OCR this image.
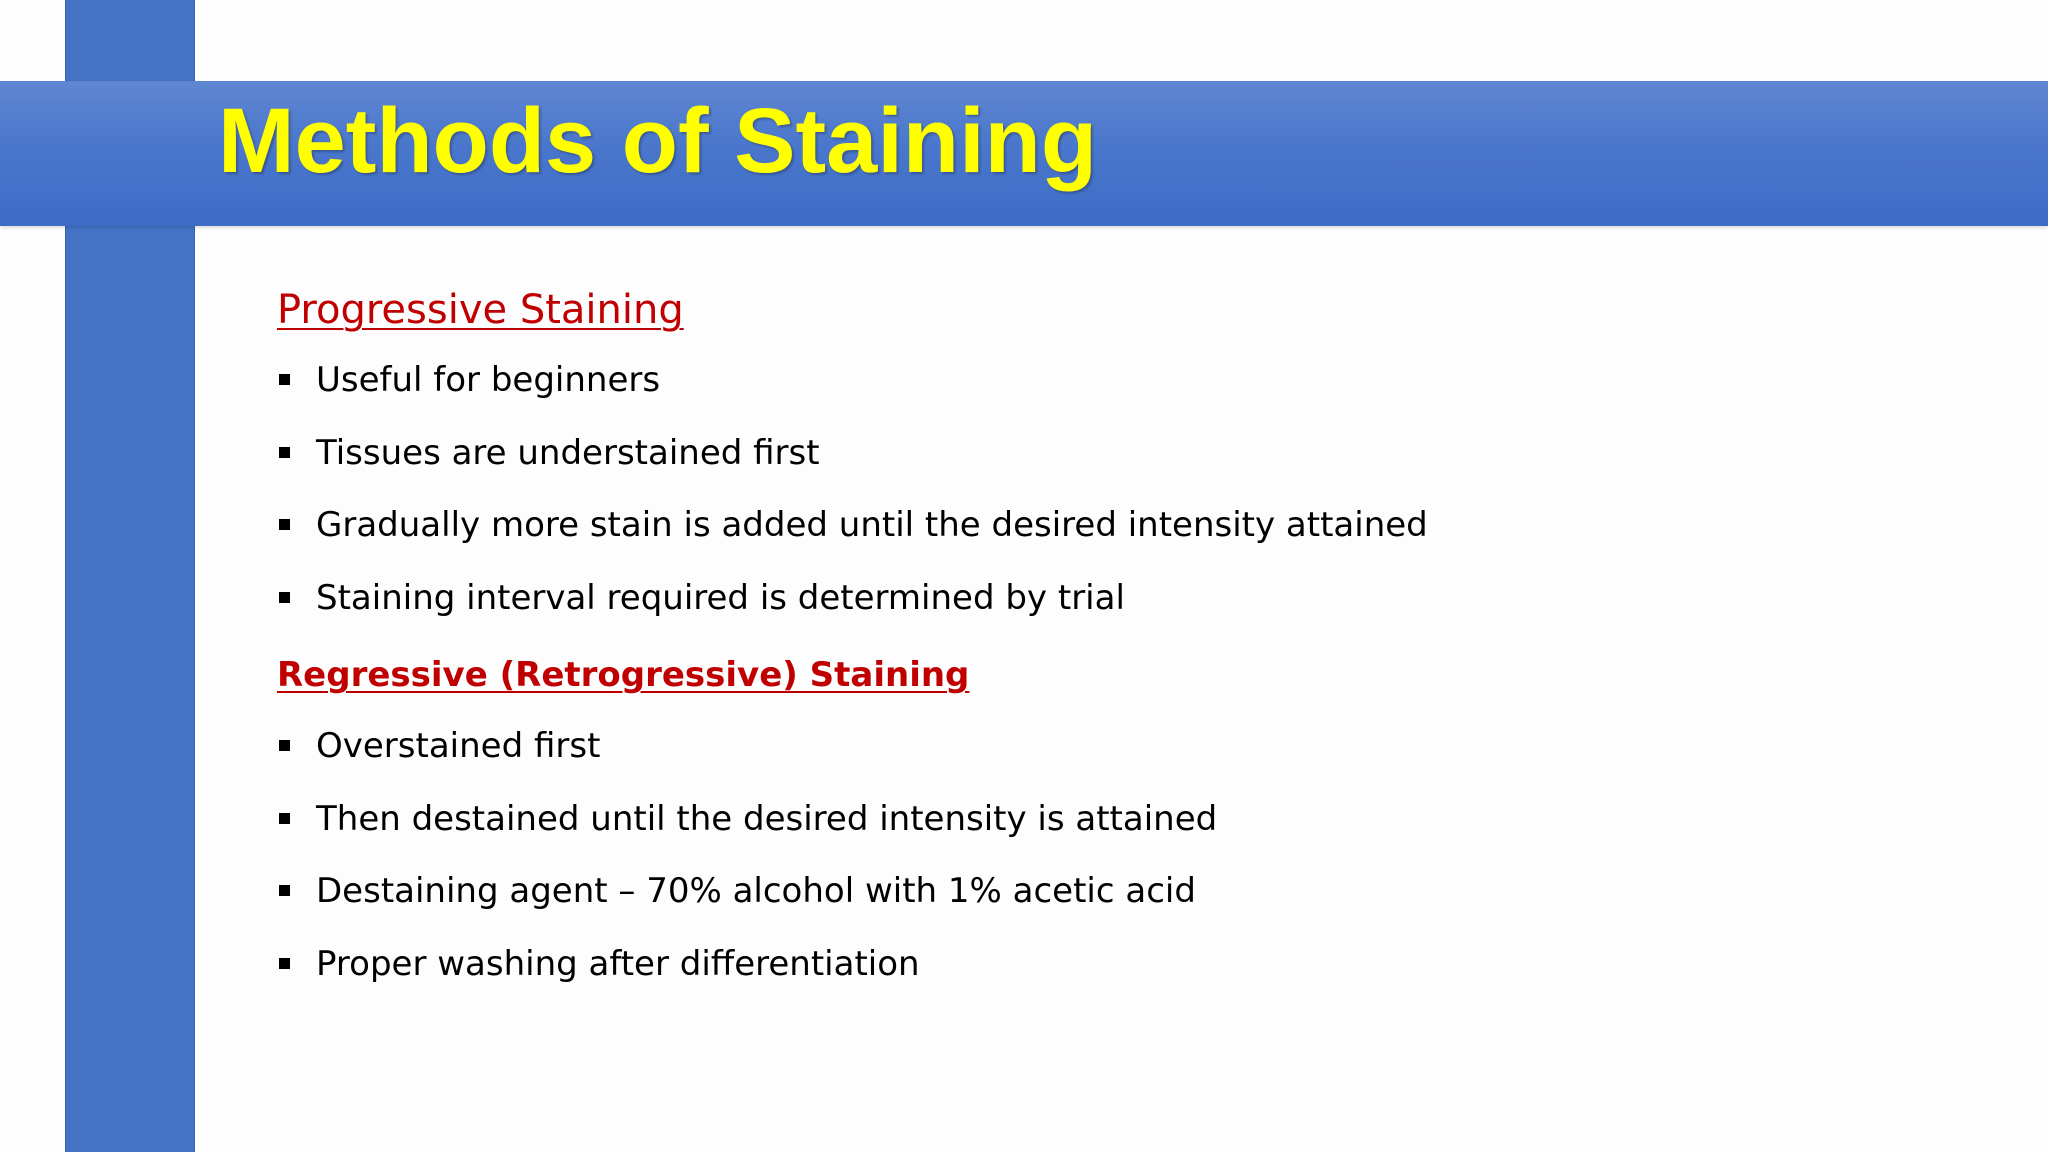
Methods of Staining
Progressive Staining
Useful for beginners
Tissues are understained first
Gradually more stain is added until the desired intensity attained
Staining interval required is determined by trial
Regressive (Retrogressive) Staining
Overstained first
Then destained until the desired intensity is attained
Destaining agent – 70% alcohol with 1% acetic acid
Proper washing after differentiation
